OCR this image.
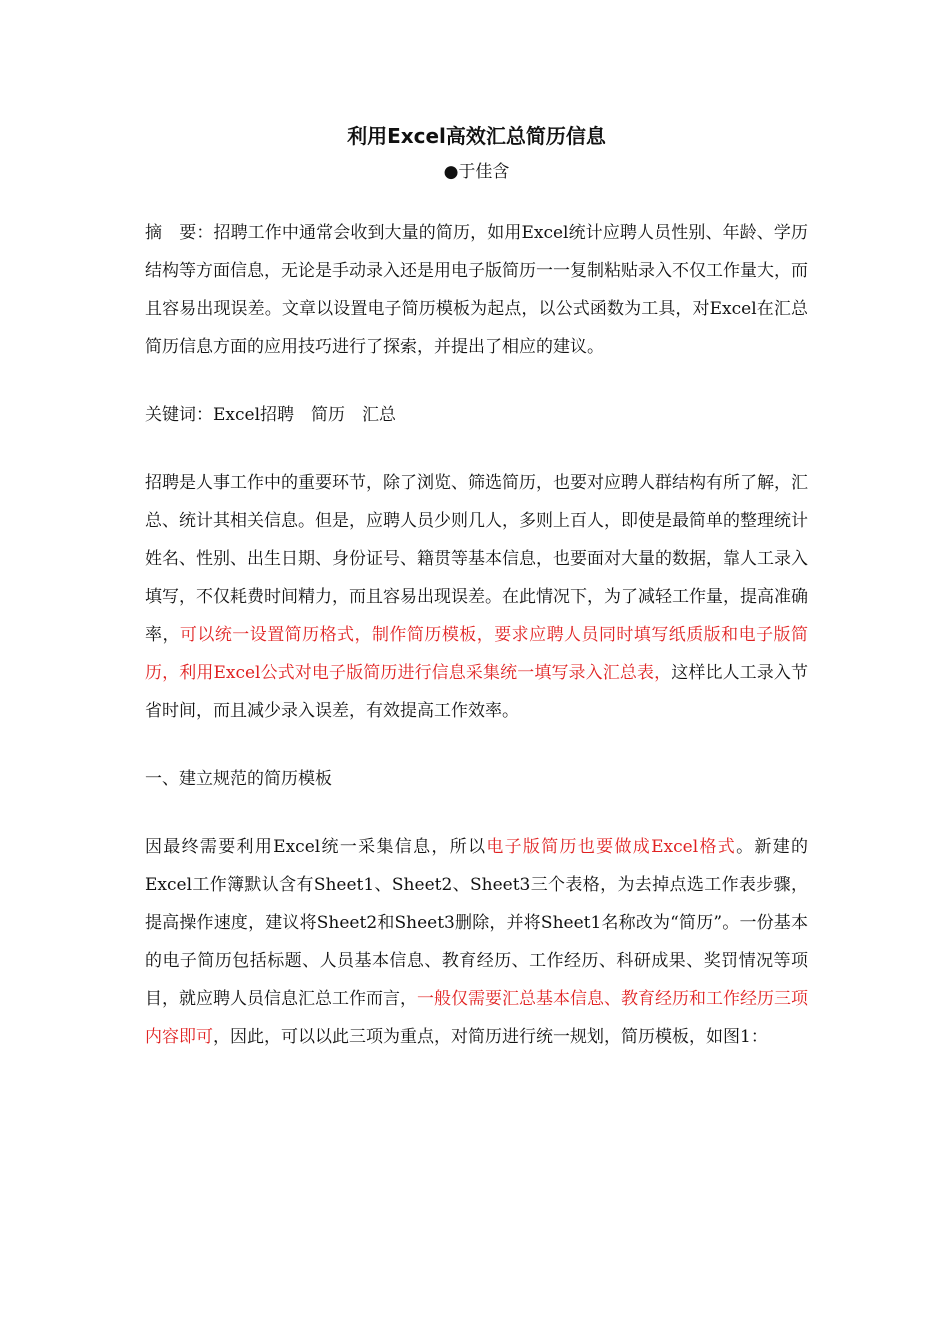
利用Excel高效汇总简历信息

●于佳含

摘　要：招聘工作中通常会收到大量的简历，如用Excel统计应聘人员性别、年龄、学历结构等方面信息，无论是手动录入还是用电子版简历一一复制粘贴录入不仅工作量大，而且容易出现误差。文章以设置电子简历模板为起点，以公式函数为工具，对Excel在汇总简历信息方面的应用技巧进行了探索，并提出了相应的建议。

关键词：Excel招聘　简历　汇总

招聘是人事工作中的重要环节，除了浏览、筛选简历，也要对应聘人群结构有所了解，汇总、统计其相关信息。但是，应聘人员少则几人，多则上百人，即使是最简单的整理统计姓名、性别、出生日期、身份证号、籍贯等基本信息，也要面对大量的数据，靠人工录入填写，不仅耗费时间精力，而且容易出现误差。在此情况下，为了减轻工作量，提高准确率，可以统一设置简历格式，制作简历模板，要求应聘人员同时填写纸质版和电子版简历，利用Excel公式对电子版简历进行信息采集统一填写录入汇总表，这样比人工录入节省时间，而且减少录入误差，有效提高工作效率。

一、建立规范的简历模板

因最终需要利用Excel统一采集信息，所以电子版简历也要做成Excel格式。新建的Excel工作簿默认含有Sheet1、Sheet2、Sheet3三个表格，为去掉点选工作表步骤，提高操作速度，建议将Sheet2和Sheet3删除，并将Sheet1名称改为“简历”。一份基本的电子简历包括标题、人员基本信息、教育经历、工作经历、科研成果、奖罚情况等项目，就应聘人员信息汇总工作而言，一般仅需要汇总基本信息、教育经历和工作经历三项内容即可，因此，可以以此三项为重点，对简历进行统一规划，简历模板，如图1：
